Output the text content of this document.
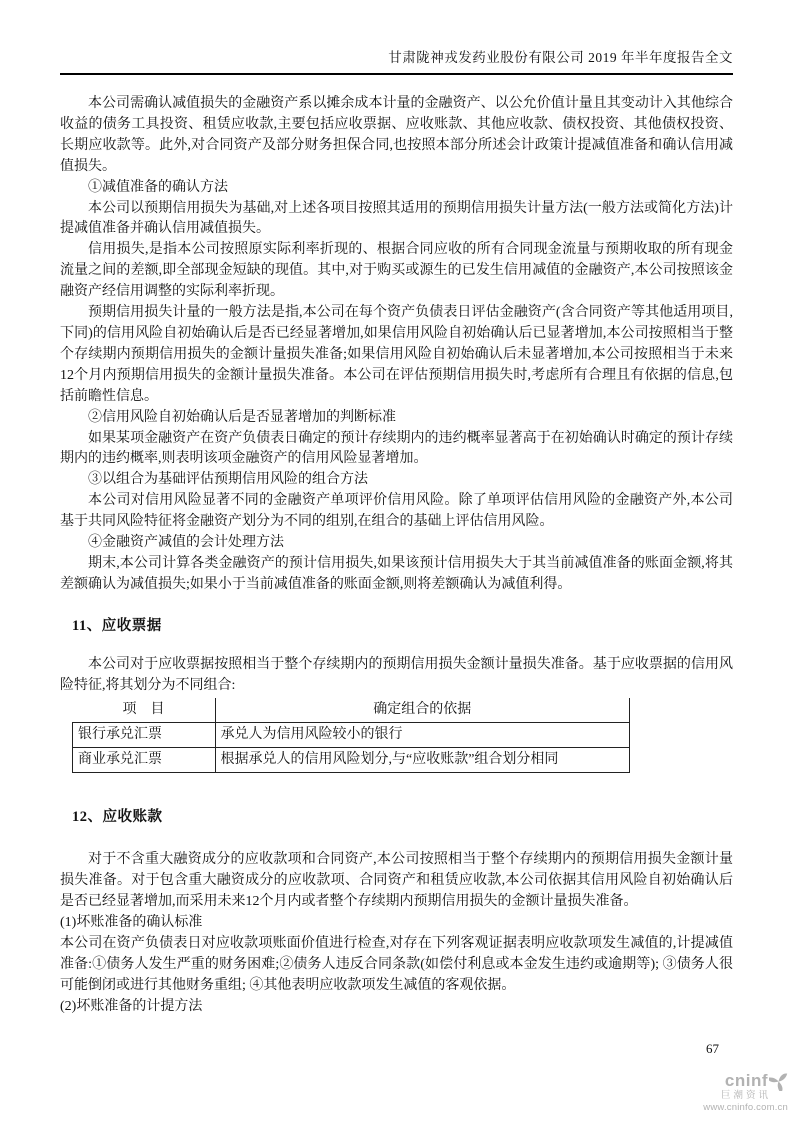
甘肃陇神戎发药业股份有限公司 2019 年半年度报告全文

本公司需确认减值损失的金融资产系以摊余成本计量的金融资产、以公允价值计量且其变动计入其他综合收益的债务工具投资、租赁应收款,主要包括应收票据、应收账款、其他应收款、债权投资、其他债权投资、长期应收款等。此外,对合同资产及部分财务担保合同,也按照本部分所述会计政策计提减值准备和确认信用减值损失。

①减值准备的确认方法

本公司以预期信用损失为基础,对上述各项目按照其适用的预期信用损失计量方法(一般方法或简化方法)计提减值准备并确认信用减值损失。

信用损失,是指本公司按照原实际利率折现的、根据合同应收的所有合同现金流量与预期收取的所有现金流量之间的差额,即全部现金短缺的现值。其中,对于购买或源生的已发生信用减值的金融资产,本公司按照该金融资产经信用调整的实际利率折现。

预期信用损失计量的一般方法是指,本公司在每个资产负债表日评估金融资产(含合同资产等其他适用项目,下同)的信用风险自初始确认后是否已经显著增加,如果信用风险自初始确认后已显著增加,本公司按照相当于整个存续期内预期信用损失的金额计量损失准备;如果信用风险自初始确认后未显著增加,本公司按照相当于未来12个月内预期信用损失的金额计量损失准备。本公司在评估预期信用损失时,考虑所有合理且有依据的信息,包括前瞻性信息。

②信用风险自初始确认后是否显著增加的判断标准

如果某项金融资产在资产负债表日确定的预计存续期内的违约概率显著高于在初始确认时确定的预计存续期内的违约概率,则表明该项金融资产的信用风险显著增加。

③以组合为基础评估预期信用风险的组合方法

本公司对信用风险显著不同的金融资产单项评价信用风险。除了单项评估信用风险的金融资产外,本公司基于共同风险特征将金融资产划分为不同的组别,在组合的基础上评估信用风险。

④金融资产减值的会计处理方法

期末,本公司计算各类金融资产的预计信用损失,如果该预计信用损失大于其当前减值准备的账面金额,将其差额确认为减值损失;如果小于当前减值准备的账面金额,则将差额确认为减值利得。

11、应收票据

本公司对于应收票据按照相当于整个存续期内的预期信用损失金额计量损失准备。基于应收票据的信用风险特征,将其划分为不同组合:

项　目	确定组合的依据
银行承兑汇票	承兑人为信用风险较小的银行
商业承兑汇票	根据承兑人的信用风险划分,与“应收账款”组合划分相同
12、应收账款

对于不含重大融资成分的应收款项和合同资产,本公司按照相当于整个存续期内的预期信用损失金额计量损失准备。对于包含重大融资成分的应收款项、合同资产和租赁应收款,本公司依据其信用风险自初始确认后是否已经显著增加,而采用未来12个月内或者整个存续期内预期信用损失的金额计量损失准备。

(1)坏账准备的确认标准

本公司在资产负债表日对应收款项账面价值进行检查,对存在下列客观证据表明应收款项发生减值的,计提减值准备:①债务人发生严重的财务困难;②债务人违反合同条款(如偿付利息或本金发生违约或逾期等); ③债务人很可能倒闭或进行其他财务重组; ④其他表明应收款项发生减值的客观依据。

(2)坏账准备的计提方法

67
cninf
巨潮资讯
www.cninfo.com.cn
